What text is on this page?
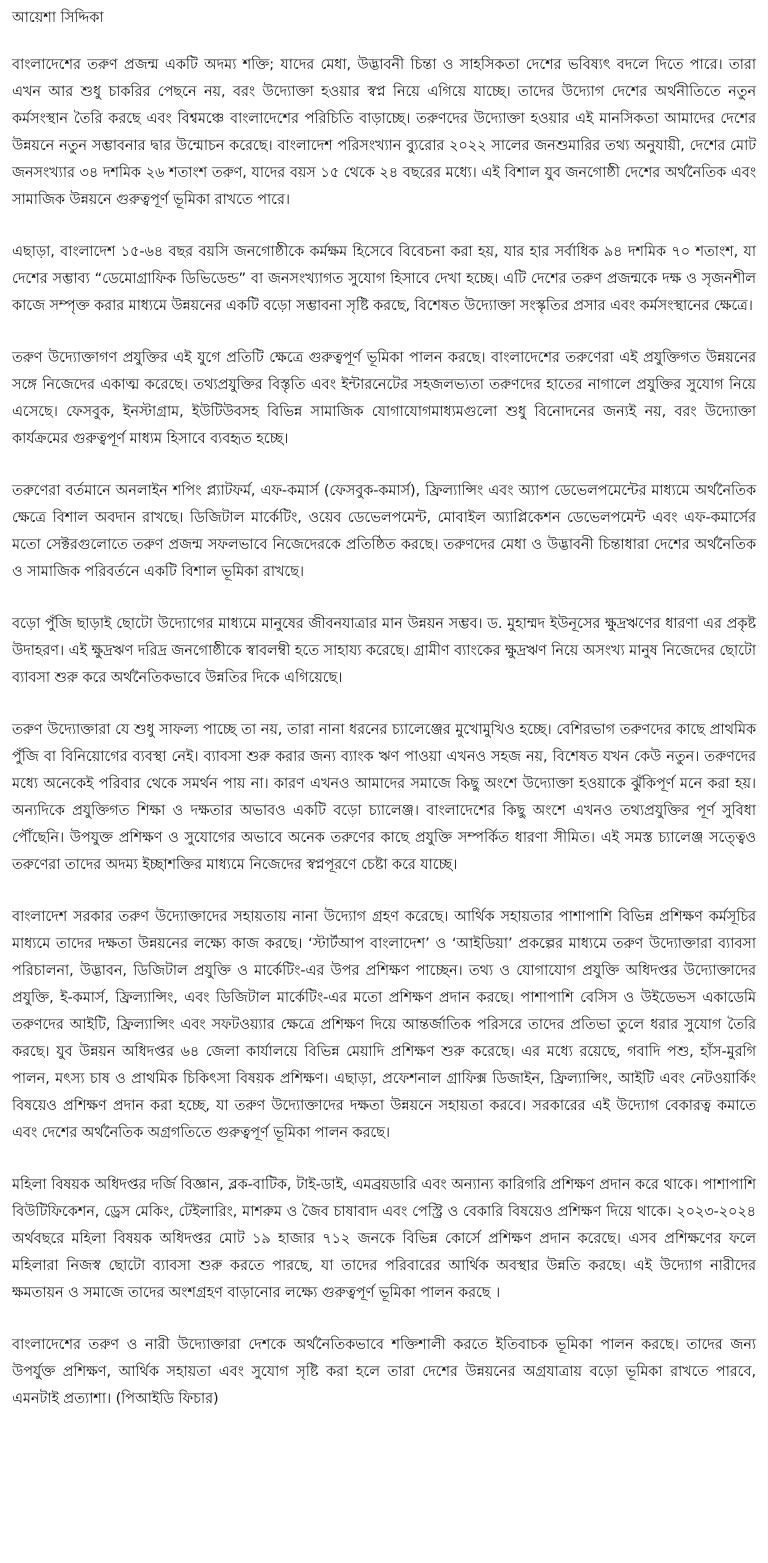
আয়েশা সিদ্দিকা

বাংলাদেশের তরুণ প্রজন্ম একটি অদম্য শক্তি; যাদের মেধা, উদ্ভাবনী চিন্তা ও সাহসিকতা দেশের ভবিষ্যৎ বদলে দিতে পারে। তারা এখন আর শুধু চাকরির পেছনে নয়, বরং উদ্যোক্তা হওয়ার স্বপ্ন নিয়ে এগিয়ে যাচ্ছে। তাদের উদ্যোগ দেশের অর্থনীতিতে নতুন কর্মসংস্থান তৈরি করছে এবং বিশ্বমঞ্চে বাংলাদেশের পরিচিতি বাড়াচ্ছে। তরুণদের উদ্যোক্তা হওয়ার এই মানসিকতা আমাদের দেশের উন্নয়নে নতুন সম্ভাবনার দ্বার উন্মোচন করেছে। বাংলাদেশ পরিসংখ্যান ব্যুরোর ২০২২ সালের জনশুমারির তথ্য অনুযায়ী, দেশের মোট জনসংখ্যার ৩৪ দশমিক ২৬ শতাংশ তরুণ, যাদের বয়স ১৫ থেকে ২৪ বছরের মধ্যে। এই বিশাল যুব জনগোষ্ঠী দেশের অর্থনৈতিক এবং সামাজিক উন্নয়নে গুরুত্বপূর্ণ ভূমিকা রাখতে পারে।

এছাড়া, বাংলাদেশ ১৫-৬৪ বছর বয়সি জনগোষ্ঠীকে কর্মক্ষম হিসেবে বিবেচনা করা হয়, যার হার সর্বাধিক ৯৪ দশমিক ৭০ শতাংশ, যা দেশের সম্ভাব্য “ডেমোগ্রাফিক ডিভিডেন্ড” বা জনসংখ্যাগত সুযোগ হিসাবে দেখা হচ্ছে। এটি দেশের তরুণ প্রজন্মকে দক্ষ ও সৃজনশীল কাজে সম্পৃক্ত করার মাধ্যমে উন্নয়নের একটি বড়ো সম্ভাবনা সৃষ্টি করছে, বিশেষত উদ্যোক্তা সংস্কৃতির প্রসার এবং কর্মসংস্থানের ক্ষেত্রে।

তরুণ উদ্যোক্তাগণ প্রযুক্তির এই যুগে প্রতিটি ক্ষেত্রে গুরুত্বপূর্ণ ভূমিকা পালন করছে। বাংলাদেশের তরুণেরা এই প্রযুক্তিগত উন্নয়নের সঙ্গে নিজেদের একাত্ম করেছে। তথ্যপ্রযুক্তির বিস্তৃতি এবং ইন্টারনেটের সহজলভ্যতা তরুণদের হাতের নাগালে প্রযুক্তির সুযোগ নিয়ে এসেছে। ফেসবুক, ইনস্টাগ্রাম, ইউটিউবসহ বিভিন্ন সামাজিক যোগাযোগমাধ্যমগুলো শুধু বিনোদনের জন্যই নয়, বরং উদ্যোক্তা কার্যক্রমের গুরুত্বপূর্ণ মাধ্যম হিসাবে ব্যবহৃত হচ্ছে।

তরুণেরা বর্তমানে অনলাইন শপিং প্ল্যাটফর্ম, এফ-কমার্স (ফেসবুক-কমার্স), ফ্রিল্যান্সিং এবং অ্যাপ ডেভেলপমেন্টের মাধ্যমে অর্থনৈতিক ক্ষেত্রে বিশাল অবদান রাখছে। ডিজিটাল মার্কেটিং, ওয়েব ডেভেলপমেন্ট, মোবাইল অ্যাপ্লিকেশন ডেভেলপমেন্ট এবং এফ-কমার্সের মতো সেক্টরগুলোতে তরুণ প্রজন্ম সফলভাবে নিজেদেরকে প্রতিষ্ঠিত করছে। তরুণদের মেধা ও উদ্ভাবনী চিন্তাধারা দেশের অর্থনৈতিক ও সামাজিক পরিবর্তনে একটি বিশাল ভূমিকা রাখছে।

বড়ো পুঁজি ছাড়াই ছোটো উদ্যোগের মাধ্যমে মানুষের জীবনযাত্রার মান উন্নয়ন সম্ভব। ড. মুহাম্মদ ইউনূসের ক্ষুদ্রঋণের ধারণা এর প্রকৃষ্ট উদাহরণ। এই ক্ষুদ্রঋণ দরিদ্র জনগোষ্ঠীকে স্বাবলম্বী হতে সাহায্য করেছে। গ্রামীণ ব্যাংকের ক্ষুদ্রঋণ নিয়ে অসংখ্য মানুষ নিজেদের ছোটো ব্যাবসা শুরু করে অর্থনৈতিকভাবে উন্নতির দিকে এগিয়েছে।

তরুণ উদ্যোক্তারা যে শুধু সাফল্য পাচ্ছে তা নয়, তারা নানা ধরনের চ্যালেঞ্জের মুখোমুখিও হচ্ছে। বেশিরভাগ তরুণদের কাছে প্রাথমিক পুঁজি বা বিনিয়োগের ব্যবস্থা নেই। ব্যাবসা শুরু করার জন্য ব্যাংক ঋণ পাওয়া এখনও সহজ নয়, বিশেষত যখন কেউ নতুন। তরুণদের মধ্যে অনেকেই পরিবার থেকে সমর্থন পায় না। কারণ এখনও আমাদের সমাজে কিছু অংশে উদ্যোক্তা হওয়াকে ঝুঁকিপূর্ণ মনে করা হয়। অন্যদিকে প্রযুক্তিগত শিক্ষা ও দক্ষতার অভাবও একটি বড়ো চ্যালেঞ্জ। বাংলাদেশের কিছু অংশে এখনও তথ্যপ্রযুক্তির পূর্ণ সুবিধা পৌঁছেনি। উপযুক্ত প্রশিক্ষণ ও সুযোগের অভাবে অনেক তরুণের কাছে প্রযুক্তি সম্পর্কিত ধারণা সীমিত। এই সমস্ত চ্যালেঞ্জ সত্ত্বেও তরুণেরা তাদের অদম্য ইচ্ছাশক্তির মাধ্যমে নিজেদের স্বপ্নপূরণে চেষ্টা করে যাচ্ছে।

বাংলাদেশ সরকার তরুণ উদ্যোক্তাদের সহায়তায় নানা উদ্যোগ গ্রহণ করেছে। আর্থিক সহায়তার পাশাপাশি বিভিন্ন প্রশিক্ষণ কর্মসূচির মাধ্যমে তাদের দক্ষতা উন্নয়নের লক্ষ্যে কাজ করছে। ‘স্টার্টআপ বাংলাদেশ’ ও ‘আইডিয়া’ প্রকল্পের মাধ্যমে তরুণ উদ্যোক্তারা ব্যাবসা পরিচালনা, উদ্ভাবন, ডিজিটাল প্রযুক্তি ও মার্কেটিং-এর উপর প্রশিক্ষণ পাচ্ছেন। তথ্য ও যোগাযোগ প্রযুক্তি অধিদপ্তর উদ্যোক্তাদের প্রযুক্তি, ই-কমার্স, ফ্রিল্যান্সিং, এবং ডিজিটাল মার্কেটিং-এর মতো প্রশিক্ষণ প্রদান করছে। পাশাপাশি বেসিস ও উইডেভস একাডেমি তরুণদের আইটি, ফ্রিল্যান্সিং এবং সফটওয়্যার ক্ষেত্রে প্রশিক্ষণ দিয়ে আন্তর্জাতিক পরিসরে তাদের প্রতিভা তুলে ধরার সুযোগ তৈরি করছে। যুব উন্নয়ন অধিদপ্তর ৬৪ জেলা কার্যালয়ে বিভিন্ন মেয়াদি প্রশিক্ষণ শুরু করেছে। এর মধ্যে রয়েছে, গবাদি পশু, হাঁস-মুরগি পালন, মৎস্য চাষ ও প্রাথমিক চিকিৎসা বিষয়ক প্রশিক্ষণ। এছাড়া, প্রফেশনাল গ্রাফিক্স ডিজাইন, ফ্রিল্যান্সিং, আইটি এবং নেটওয়ার্কিং বিষয়েও প্রশিক্ষণ প্রদান করা হচ্ছে, যা তরুণ উদ্যোক্তাদের দক্ষতা উন্নয়নে সহায়তা করবে। সরকারের এই উদ্যোগ বেকারত্ব কমাতে এবং দেশের অর্থনৈতিক অগ্রগতিতে গুরুত্বপূর্ণ ভূমিকা পালন করছে।

মহিলা বিষয়ক অধিদপ্তর দর্জি বিজ্ঞান, ব্লক-বাটিক, টাই-ডাই, এমব্রয়ডারি এবং অন্যান্য কারিগরি প্রশিক্ষণ প্রদান করে থাকে। পাশাপাশি বিউটিফিকেশন, ড্রেস মেকিং, টেইলারিং, মাশরুম ও জৈব চাষাবাদ এবং পেস্ট্রি ও বেকারি বিষয়েও প্রশিক্ষণ দিয়ে থাকে। ২০২৩-২০২৪ অর্থবছরে মহিলা বিষয়ক অধিদপ্তর মোট ১৯ হাজার ৭১২ জনকে বিভিন্ন কোর্সে প্রশিক্ষণ প্রদান করেছে। এসব প্রশিক্ষণের ফলে মহিলারা নিজস্ব ছোটো ব্যাবসা শুরু করতে পারছে, যা তাদের পরিবারের আর্থিক অবস্থার উন্নতি করছে। এই উদ্যোগ নারীদের ক্ষমতায়ন ও সমাজে তাদের অংশগ্রহণ বাড়ানোর লক্ষ্যে গুরুত্বপূর্ণ ভূমিকা পালন করছে ।

বাংলাদেশের তরুণ ও নারী উদ্যোক্তারা দেশকে অর্থনৈতিকভাবে শক্তিশালী করতে ইতিবাচক ভূমিকা পালন করছে। তাদের জন্য উপর্যুক্ত প্রশিক্ষণ, আর্থিক সহায়তা এবং সুযোগ সৃষ্টি করা হলে তারা দেশের উন্নয়নের অগ্রযাত্রায় বড়ো ভূমিকা রাখতে পারবে, এমনটাই প্রত্যাশা। (পিআইডি ফিচার)
